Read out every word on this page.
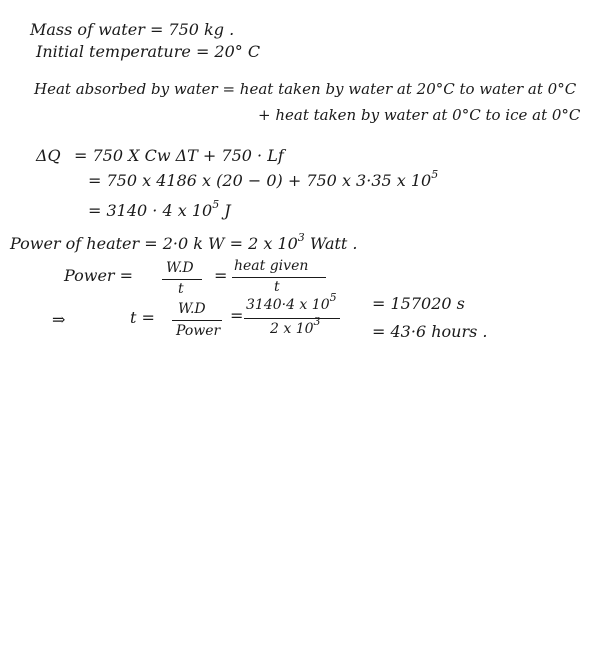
Mass of water = 750 kg .
Initial temperature = 20° C
Heat absorbed by water = heat taken by water at 20°C to water at 0°C
+ heat taken by water at 0°C to ice at 0°C
ΔQ = 750 X Cw ΔT + 750 · Lf
= 750 x 4186 x (20 − 0) + 750 x 3·35 x $10^5$
= 3140 · 4 x $10^5$ J
Power of heater = 2·0 k W = 2 x $10^3$ Watt .
Power = W.D
t
= heat given
t
⇒	t = W.D
Power
=
3140·4 x $10^5$
2 x $10^3$
= 157020 s
= 43·6 hours .
